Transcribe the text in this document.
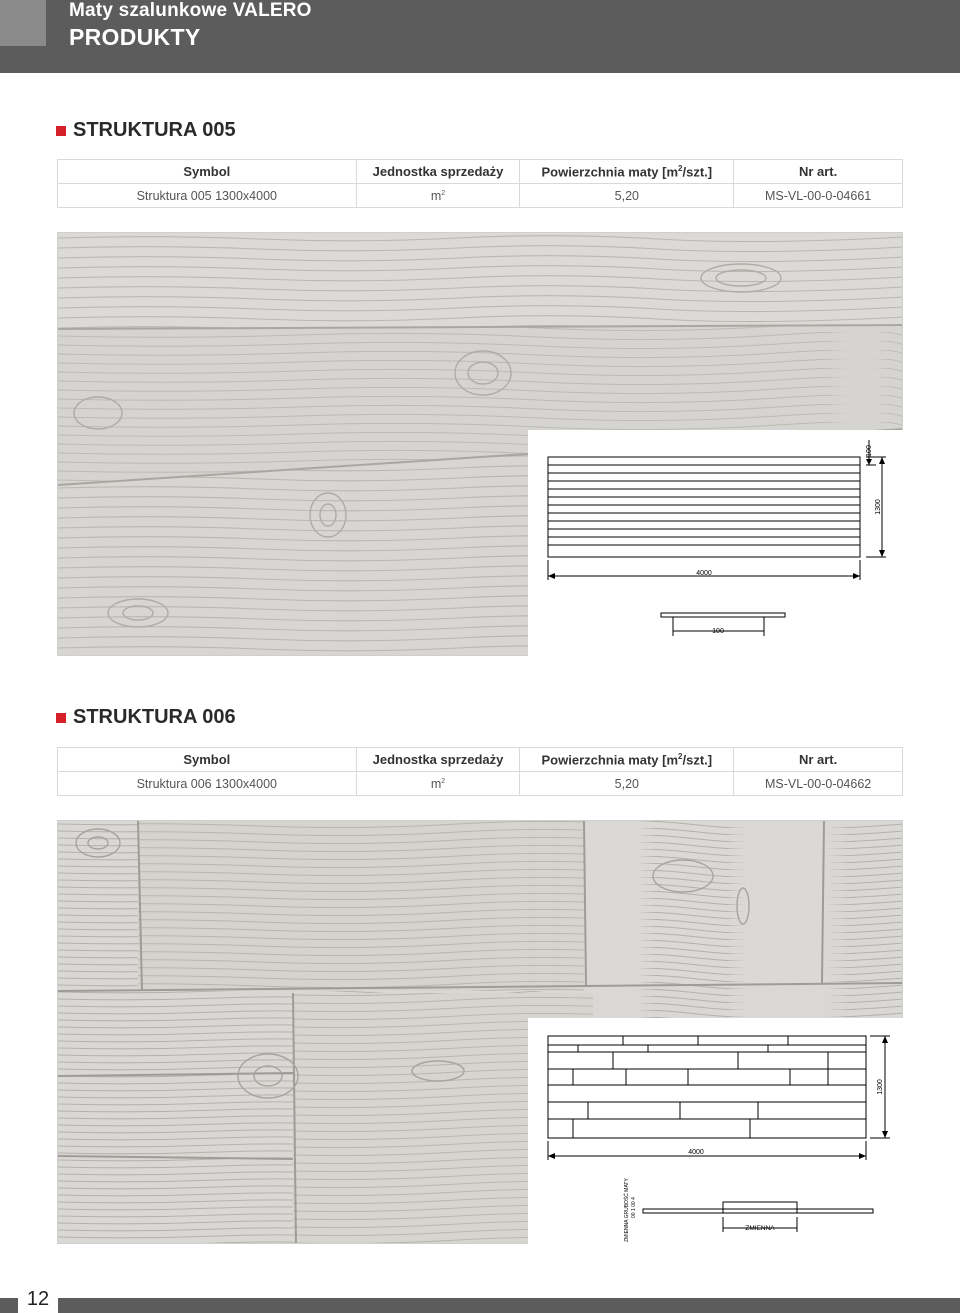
Maty szalunkowe VALERO
PRODUKTY
STRUKTURA 005
Symbol	Jednostka sprzedaży	Powierzchnia maty $[m^2/szt.]$	Nr art.
Struktura 005 1300x4000	$m^2$	5,20	MS-VL-00-0-04661
4000
100
100
1300
STRUKTURA 006
Symbol	Jednostka sprzedaży	Powierzchnia maty $[m^2/szt.]$	Nr art.
Struktura 006 1300x4000	$m^2$	5,20	MS-VL-00-0-04662
4000
1300
ZMIENNA GRUBOŚĆ MATY 00 1 00 4
ZMIENNA
12
